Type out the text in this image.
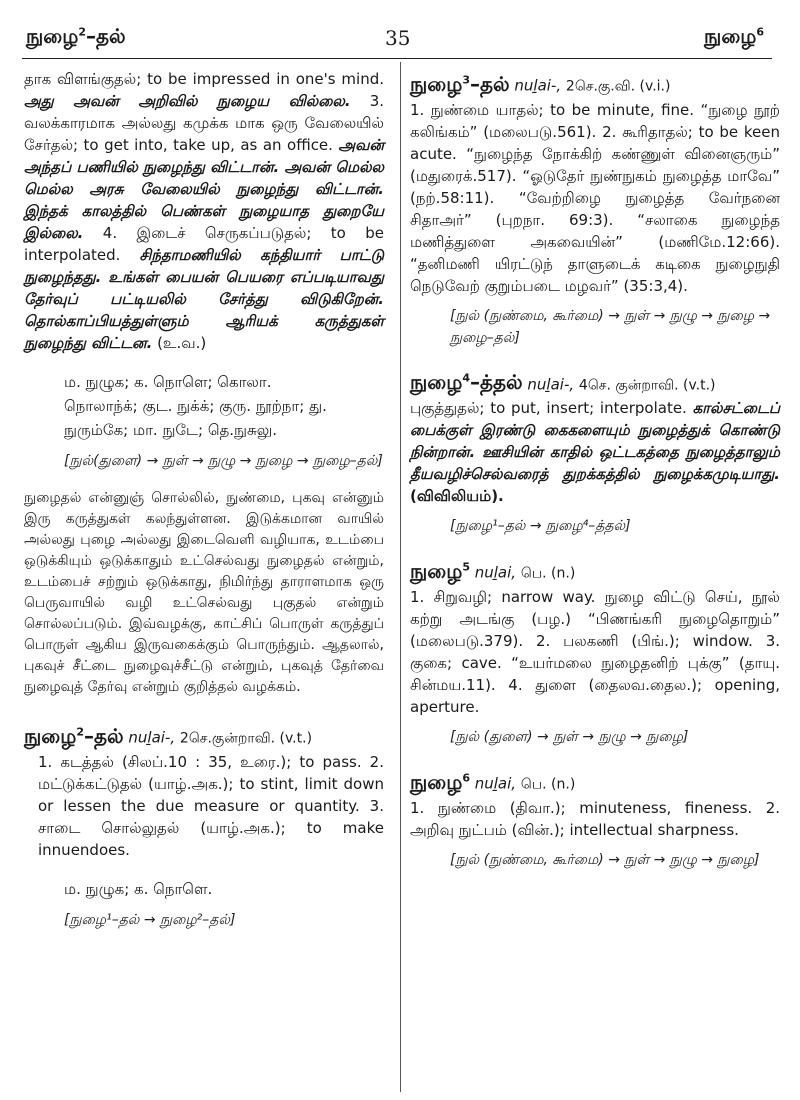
நுழை$^2$–தல்	35	நுழை$^6$

தாக விளங்குதல்; to be impressed in one's mind. அது அவன் அறிவில் நுழைய வில்லை. 3. வலக்காரமாக அல்லது கமுக்க மாக ஒரு வேலையில் சேர்தல்; to get into, take up, as an office. அவன் அந்தப் பணியில் நுழைந்து விட்டான். அவன் மெல்ல மெல்ல அரசு வேலையில் நுழைந்து விட்டான். இந்தக் காலத்தில் பெண்கள் நுழையாத துறையே இல்லை. 4. இடைச் செருகப்படுதல்; to be interpolated. சிந்தாமணியில் கந்தியார் பாட்டு நுழைந்தது. உங்கள் பையன் பெயரை எப்படியாவது தேர்வுப் பட்டியலில் சேர்த்து விடுகிறேன். தொல்காப்பியத்துள்ளும் ஆரியக் கருத்துகள் நுழைந்து விட்டன. (உ.வ.)

ம. நுழுக; க. நொளெ; கொலா.

நொலாந்க்; குட. நுக்க்; குரு. நூற்நா; து.

நுரும்கே; மா. நுடே; தெ.நுசுலு.

[நுல்(துளை) → நுள் → நுழு → நுழை → நுழை–தல்]

நுழைதல் என்னுஞ் சொல்லில், நுண்மை, புகவு என்னும் இரு கருத்துகள் கலந்துள்ளன. இடுக்கமான வாயில் அல்லது புழை அல்லது இடைவெளி வழியாக, உடம்பை ஒடுக்கியும் ஒடுக்காதும் உட்செல்வது நுழைதல் என்றும், உடம்பைச் சற்றும் ஒடுக்காது, நிமிர்ந்து தாராளமாக ஒரு பெருவாயில் வழி உட்செல்வது புகுதல் என்றும் சொல்லப்படும். இவ்வழக்கு, காட்சிப் பொருள் கருத்துப் பொருள் ஆகிய இருவகைக்கும் பொருந்தும். ஆதலால், புகவுச் சீட்டை நுழைவுச்சீட்டு என்றும், புகவுத் தேர்வை நுழைவுத் தேர்வு என்றும் குறித்தல் வழக்கம்.

நுழை$^2$–தல் nuḻai-, 2செ.குன்றாவி. (v.t.)

1. கடத்தல் (சிலப்.10 : 35, உரை.); to pass. 2. மட்டுக்கட்டுதல் (யாழ்.அக.); to stint, limit down or lessen the due measure or quantity. 3. சாடை சொல்லுதல் (யாழ்.அக.); to make innuendoes.

ம. நுழுக; க. நொளெ.

[நுழை¹–தல் → நுழை²–தல்]

நுழை$^3$–தல் nuḻai-, 2செ.கு.வி. (v.i.)

1. நுண்மை யாதல்; to be minute, fine. “நுழை நூற் கலிங்கம்” (மலைபடு.561). 2. கூரிதாதல்; to be keen acute. “நுழைந்த நோக்கிற் கண்ணுள் வினைஞரும்” (மதுரைக்.517). “ஓடுதேர் நுண்நுகம் நுழைத்த மாவே” (நற்.58:11). “வேற்றிழை நுழைத்த வேர்நனை சிதாஅர்” (புறநா. 69:3). “சலாகை நுழைந்த மணித்துளை அகவையின்” (மணிமே.12:66). “தனிமணி யிரட்டுந் தாளுடைக் கடிகை நுழைநுதி நெடுவேற் குறும்படை மழவர்” (35:3,4).

[நுல் (நுண்மை, கூர்மை) → நுள் → நுழு → நுழை → நுழை–தல்]

நுழை$^4$–த்தல் nuḻai-, 4செ. குன்றாவி. (v.t.)

புகுத்துதல்; to put, insert; interpolate. கால்சட்டைப் பைக்குள் இரண்டு கைகளையும் நுழைத்துக் கொண்டு நின்றான். ஊசியின் காதில் ஒட்டகத்தை நுழைத்தாலும் தீயவழிச்செல்வரைத் துறக்கத்தில் நுழைக்கமுடியாது. (விவிலியம்).

[நுழை¹–தல் → நுழை⁴–த்தல்]

நுழை$^5$ nuḻai, பெ. (n.)

1. சிறுவழி; narrow way. நுழை விட்டு செய், நூல் கற்று அடங்கு (பழ.) “பிணங்கரி நுழைதொறும்” (மலைபடு.379). 2. பலகணி (பிங்.); window. 3. குகை; cave. “உயர்மலை நுழைதனிற் புக்கு” (தாயு. சின்மய.11). 4. துளை (தைலவ.தைல.); opening, aperture.

[நுல் (துளை) → நுள் → நுழு → நுழை]

நுழை$^6$ nuḻai, பெ. (n.)

1. நுண்மை (திவா.); minuteness, fineness. 2. அறிவு நுட்பம் (வின்.); intellectual sharpness.

[நுல் (நுண்மை, கூர்மை) → நுள் → நுழு → நுழை]
